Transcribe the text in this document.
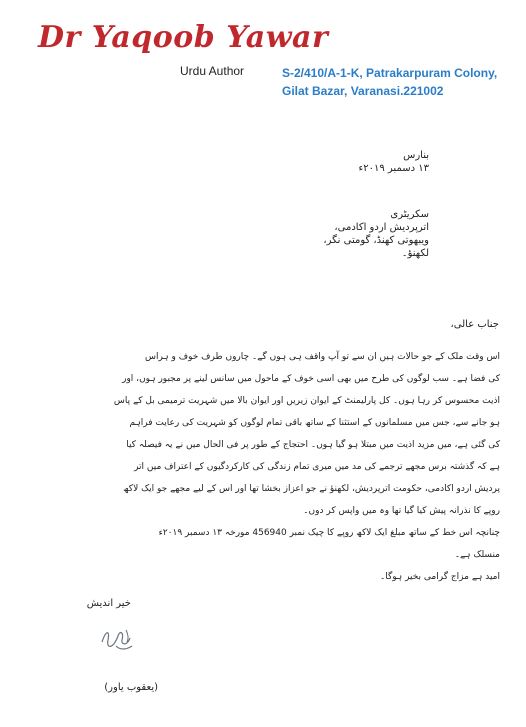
Dr Yaqoob Yawar
Urdu Author	S-2/410/A-1-K, Patrakarpuram Colony,
Gilat Bazar, Varanasi.221002
بنارس
۱۳ دسمبر ۲۰۱۹ء
سکریٹری
اترپردیش اردو اکادمی،
ویبھوتی کھنڈ، گومتی نگر،
لکھنؤ۔
جناب عالی،
اس وقت ملک کے جو حالات ہیں ان سے تو آپ واقف ہی ہوں گے۔ چاروں طرف خوف و ہراس
کی فضا ہے۔ سب لوگوں کی طرح میں بھی اسی خوف کے ماحول میں سانس لینے پر مجبور ہوں، اور
اذیت محسوس کر رہا ہوں۔ کل پارلیمنٹ کے ایوان زیریں اور ایوان بالا میں شہریت ترمیمی بل کے پاس
ہو جانے سے، جس میں مسلمانوں کے استثنا کے ساتھ باقی تمام لوگوں کو شہریت کی رعایت فراہم
کی گئی ہے، میں مزید اذیت میں مبتلا ہو گیا ہوں۔ احتجاج کے طور پر فی الحال میں نے یہ فیصلہ کیا
ہے کہ گذشتہ برس مجھے ترجمے کی مد میں میری تمام زندگی کی کارکردگیوں کے اعتراف میں اتر
پردیش اردو اکادمی، حکومت اترپردیش، لکھنؤ نے جو اعزاز بخشا تھا اور اس کے لیے مجھے جو ایک لاکھ
روپے کا نذرانہ پیش کیا گیا تھا وہ میں واپس کر دوں۔
چنانچہ اس خط کے ساتھ مبلغ ایک لاکھ روپے کا چیک نمبر 456940 مورخہ ۱۳ دسمبر ۲۰۱۹ء
منسلک ہے۔
امید ہے مزاج گرامی بخیر ہوگا۔
خیر اندیش
(یعقوب یاور)
